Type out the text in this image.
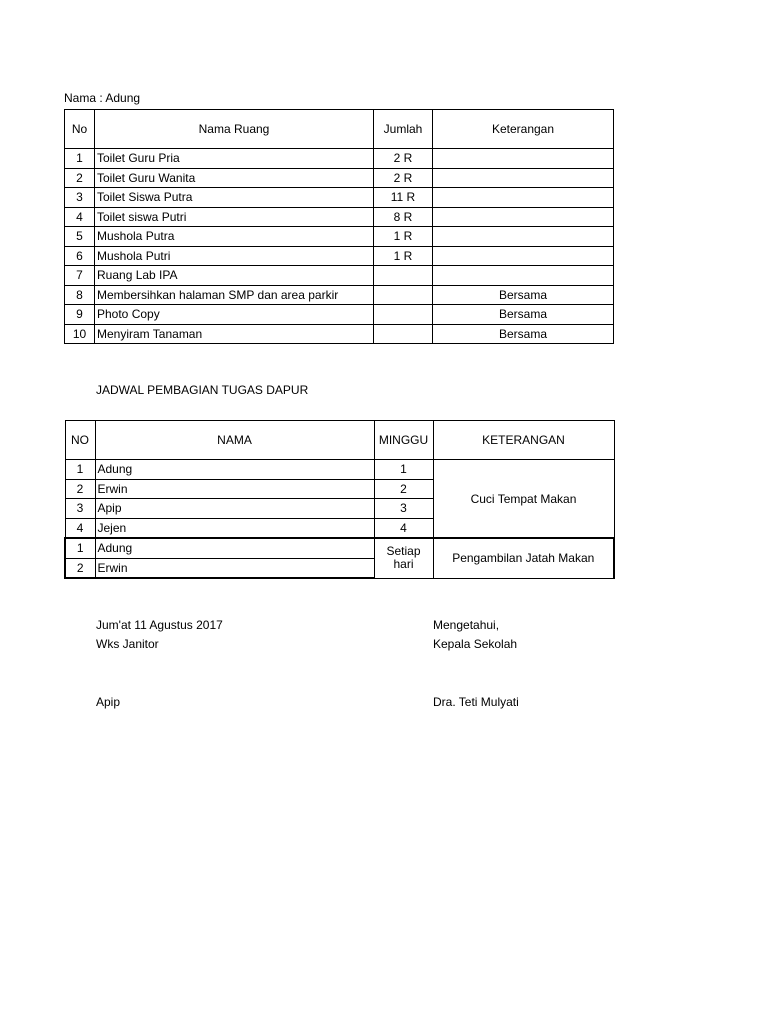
Nama : Adung
No	Nama Ruang	Jumlah	Keterangan
1	Toilet Guru Pria	2 R	
2	Toilet Guru Wanita	2 R	
3	Toilet Siswa Putra	11 R	
4	Toilet siswa Putri	8 R	
5	Mushola Putra	1 R	
6	Mushola Putri	1 R	
7	Ruang Lab IPA		
8	Membersihkan halaman SMP dan area parkir		Bersama
9	Photo Copy		Bersama
10	Menyiram Tanaman		Bersama
JADWAL PEMBAGIAN TUGAS DAPUR
NO	NAMA	MINGGU	KETERANGAN
1	Adung	1	Cuci Tempat Makan
2	Erwin	2	
3	Apip	3	
4	Jejen	4	
1	Adung	Setiap hari	Pengambilan Jatah Makan
2	Erwin		
Jum'at 11 Agustus 2017
Wks Janitor
Apip
Mengetahui,
Kepala Sekolah
Dra. Teti Mulyati
